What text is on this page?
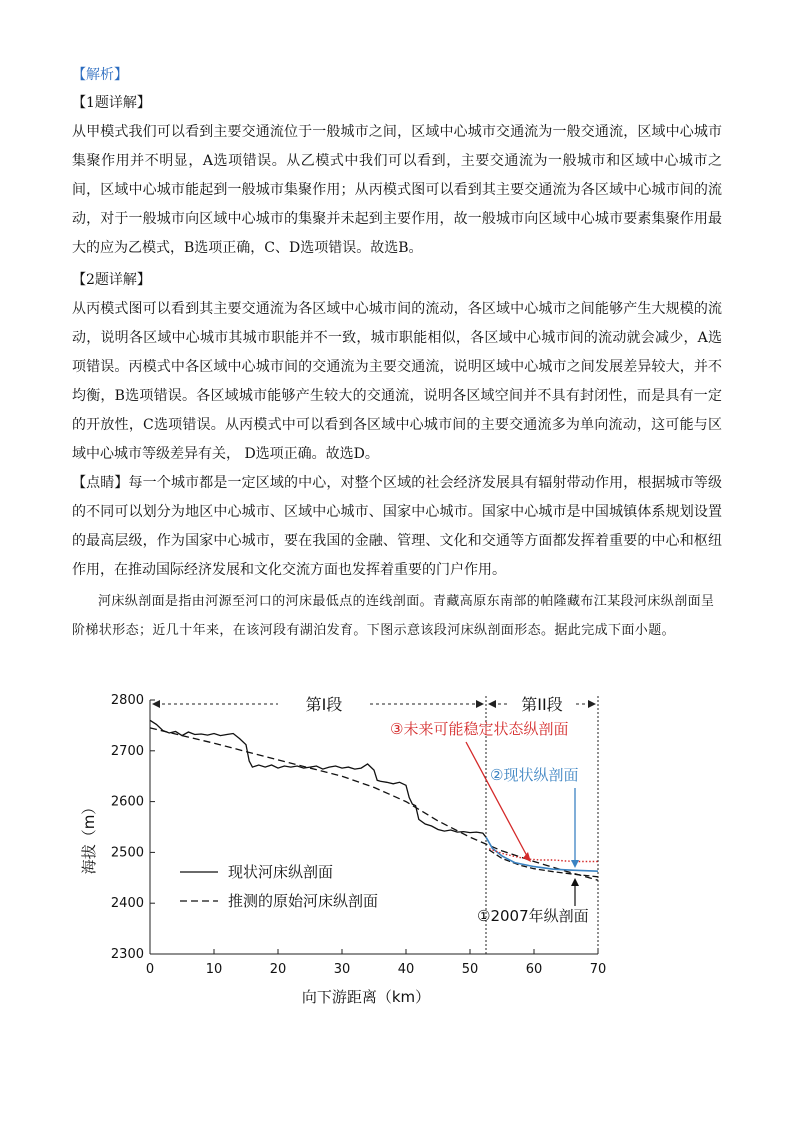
【解析】

【1题详解】

从甲模式我们可以看到主要交通流位于一般城市之间，区域中心城市交通流为一般交通流，区域中心城市集聚作用并不明显，A选项错误。从乙模式中我们可以看到，主要交通流为一般城市和区域中心城市之间，区域中心城市能起到一般城市集聚作用；从丙模式图可以看到其主要交通流为各区域中心城市间的流动，对于一般城市向区域中心城市的集聚并未起到主要作用，故一般城市向区域中心城市要素集聚作用最大的应为乙模式，B选项正确，C、D选项错误。故选B。

【2题详解】

从丙模式图可以看到其主要交通流为各区域中心城市间的流动，各区域中心城市之间能够产生大规模的流动，说明各区域中心城市其城市职能并不一致，城市职能相似，各区域中心城市间的流动就会减少，A选项错误。丙模式中各区域中心城市间的交通流为主要交通流，说明区域中心城市之间发展差异较大，并不均衡，B选项错误。各区域城市能够产生较大的交通流，说明各区域空间并不具有封闭性，而是具有一定的开放性，C选项错误。从丙模式中可以看到各区域中心城市间的主要交通流多为单向流动，这可能与区域中心城市等级差异有关， D选项正确。故选D。

【点睛】每一个城市都是一定区域的中心，对整个区域的社会经济发展具有辐射带动作用，根据城市等级的不同可以划分为地区中心城市、区域中心城市、国家中心城市。国家中心城市是中国城镇体系规划设置的最高层级，作为国家中心城市，要在我国的金融、管理、文化和交通等方面都发挥着重要的中心和枢纽作用，在推动国际经济发展和文化交流方面也发挥着重要的门户作用。

河床纵剖面是指由河源至河口的河床最低点的连线剖面。青藏高原东南部的帕隆藏布江某段河床纵剖面呈阶梯状形态；近几十年来，在该河段有湖泊发育。下图示意该段河床纵剖面形态。据此完成下面小题。

0	10	20	30	40	50	60	70
2300
2400
2500
2600
2700
2800
向下游距离（km）
海拔（m）
第I段	第II段
③未来可能稳定状态纵剖面
②现状纵剖面
①2007年纵剖面
现状河床纵剖面
推测的原始河床纵剖面
